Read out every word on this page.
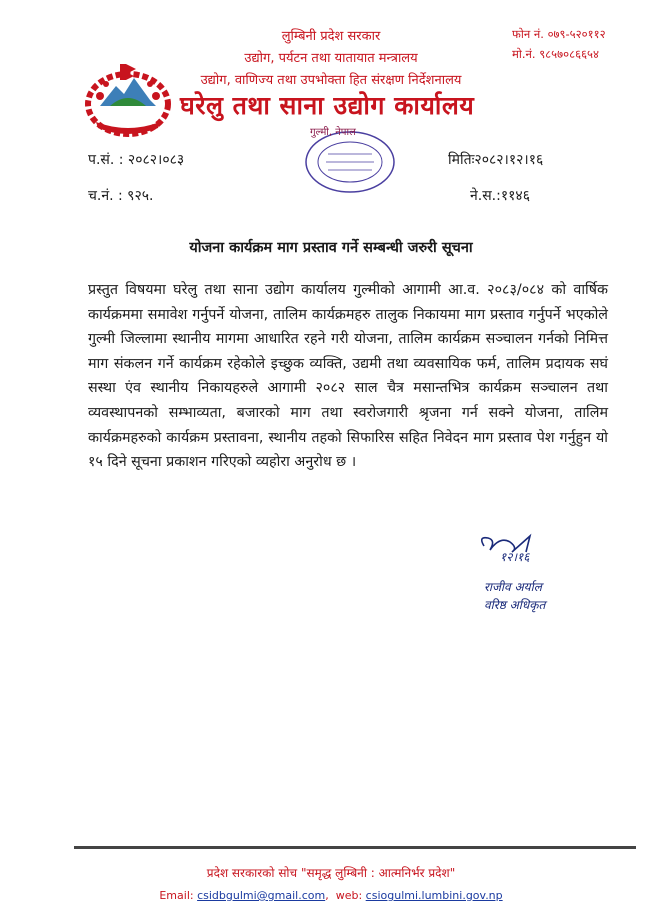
लुम्बिनी प्रदेश सरकार
उद्योग, पर्यटन तथा यातायात मन्त्रालय
उद्योग, वाणिज्य तथा उपभोक्ता हित संरक्षण निर्देशनालय
घरेलु तथा साना उद्योग कार्यालय
फोन नं. ०७९-५२०११२
मो.नं. ९८५७०८६६५४
गुल्मी, नेपाल
प.सं. : २०८२।०८३
च.नं. : ९२५.
मितिः२०८२।१२।१६
ने.स.:११४६
योजना कार्यक्रम माग प्रस्ताव गर्ने सम्बन्धी जरुरी सूचना
प्रस्तुत विषयमा घरेलु तथा साना उद्योग कार्यालय गुल्मीको आगामी आ.व. २०८३/०८४ को वार्षिक कार्यक्रममा समावेश गर्नुपर्ने योजना, तालिम कार्यक्रमहरु तालुक निकायमा माग प्रस्ताव गर्नुपर्ने भएकोले गुल्मी जिल्लामा स्थानीय मागमा आधारित रहने गरी योजना, तालिम कार्यक्रम सञ्चालन गर्नको निमित्त माग संकलन गर्ने कार्यक्रम रहेकोले इच्छुक व्यक्ति, उद्यमी तथा व्यवसायिक फर्म, तालिम प्रदायक सघं सस्था एंव स्थानीय निकायहरुले आगामी २०८२ साल चैत्र मसान्तभित्र कार्यक्रम सञ्चालन तथा व्यवस्थापनको सम्भाव्यता, बजारको माग तथा स्वरोजगारी श्रृजना गर्न सक्ने योजना, तालिम कार्यक्रमहरुको कार्यक्रम प्रस्तावना, स्थानीय तहको सिफारिस सहित निवेदन माग प्रस्ताव पेश गर्नुहुन यो १५ दिने सूचना प्रकाशन गरिएको व्यहोरा अनुरोध छ ।
१२।१६
राजीव अर्याल
वरिष्ठ अधिकृत
प्रदेश सरकारको सोच "समृद्ध लुम्बिनी : आत्मनिर्भर प्रदेश"
Email: csidbgulmi@gmail.com,  web: csiogulmi.lumbini.gov.np
